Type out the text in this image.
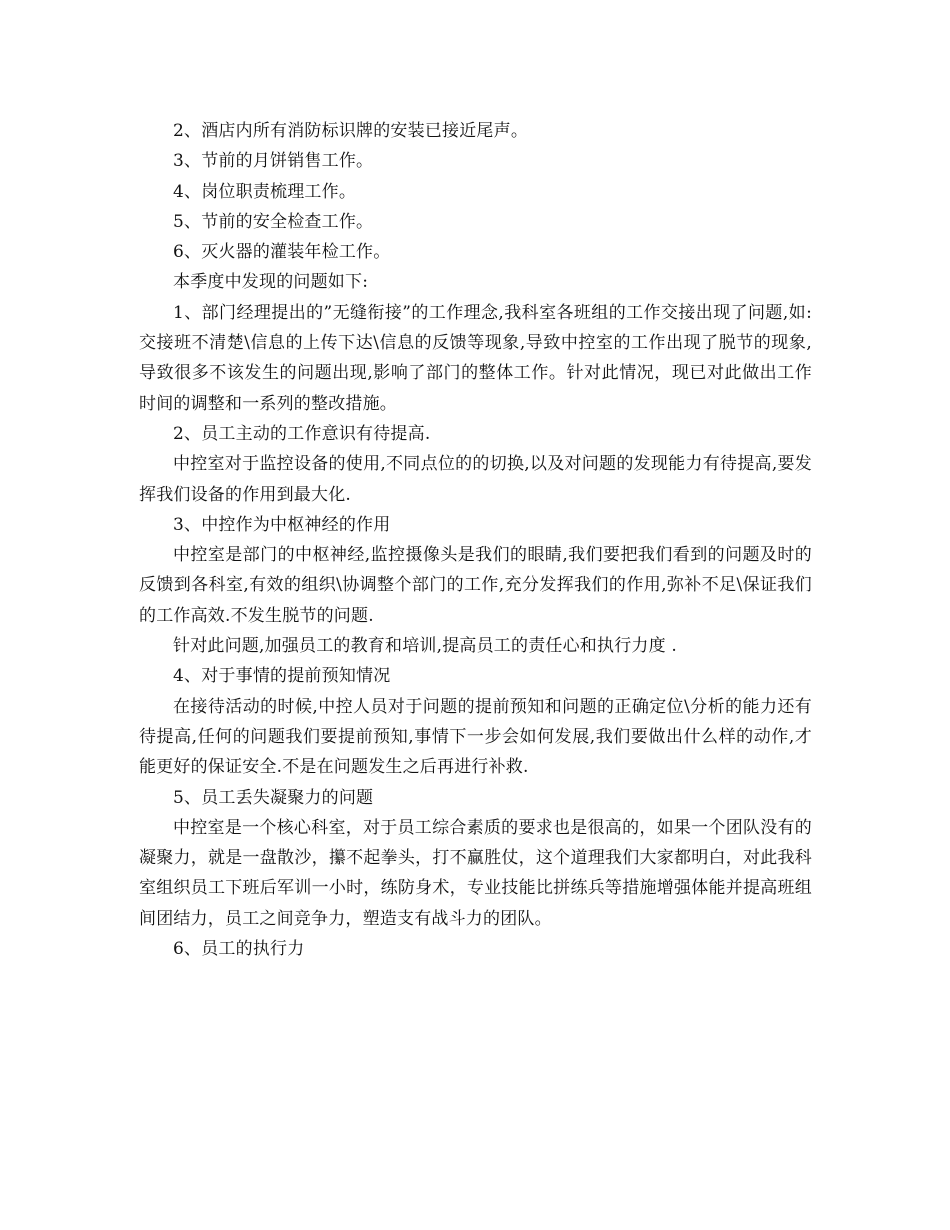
2、酒店内所有消防标识牌的安装已接近尾声。

3、节前的月饼销售工作。

4、岗位职责梳理工作。

5、节前的安全检查工作。

6、灭火器的灌装年检工作。

本季度中发现的问题如下:

1、部门经理提出的”无缝衔接”的工作理念,我科室各班组的工作交接出现了问题,如:交接班不清楚\信息的上传下达\信息的反馈等现象,导致中控室的工作出现了脱节的现象,导致很多不该发生的问题出现,影响了部门的整体工作。针对此情况，现已对此做出工作时间的调整和一系列的整改措施。

2、员工主动的工作意识有待提高.

中控室对于监控设备的使用,不同点位的的切换,以及对问题的发现能力有待提高,要发挥我们设备的作用到最大化.

3、中控作为中枢神经的作用

中控室是部门的中枢神经,监控摄像头是我们的眼睛,我们要把我们看到的问题及时的反馈到各科室,有效的组织\协调整个部门的工作,充分发挥我们的作用,弥补不足\保证我们的工作高效.不发生脱节的问题.

针对此问题,加强员工的教育和培训,提高员工的责任心和执行力度 .

4、对于事情的提前预知情况

在接待活动的时候,中控人员对于问题的提前预知和问题的正确定位\分析的能力还有待提高,任何的问题我们要提前预知,事情下一步会如何发展,我们要做出什么样的动作,才能更好的保证安全.不是在问题发生之后再进行补救.

5、员工丢失凝聚力的问题

中控室是一个核心科室，对于员工综合素质的要求也是很高的，如果一个团队没有的凝聚力，就是一盘散沙，攥不起拳头，打不赢胜仗，这个道理我们大家都明白，对此我科室组织员工下班后军训一小时，练防身术，专业技能比拼练兵等措施增强体能并提高班组间团结力，员工之间竞争力，塑造支有战斗力的团队。

6、员工的执行力
